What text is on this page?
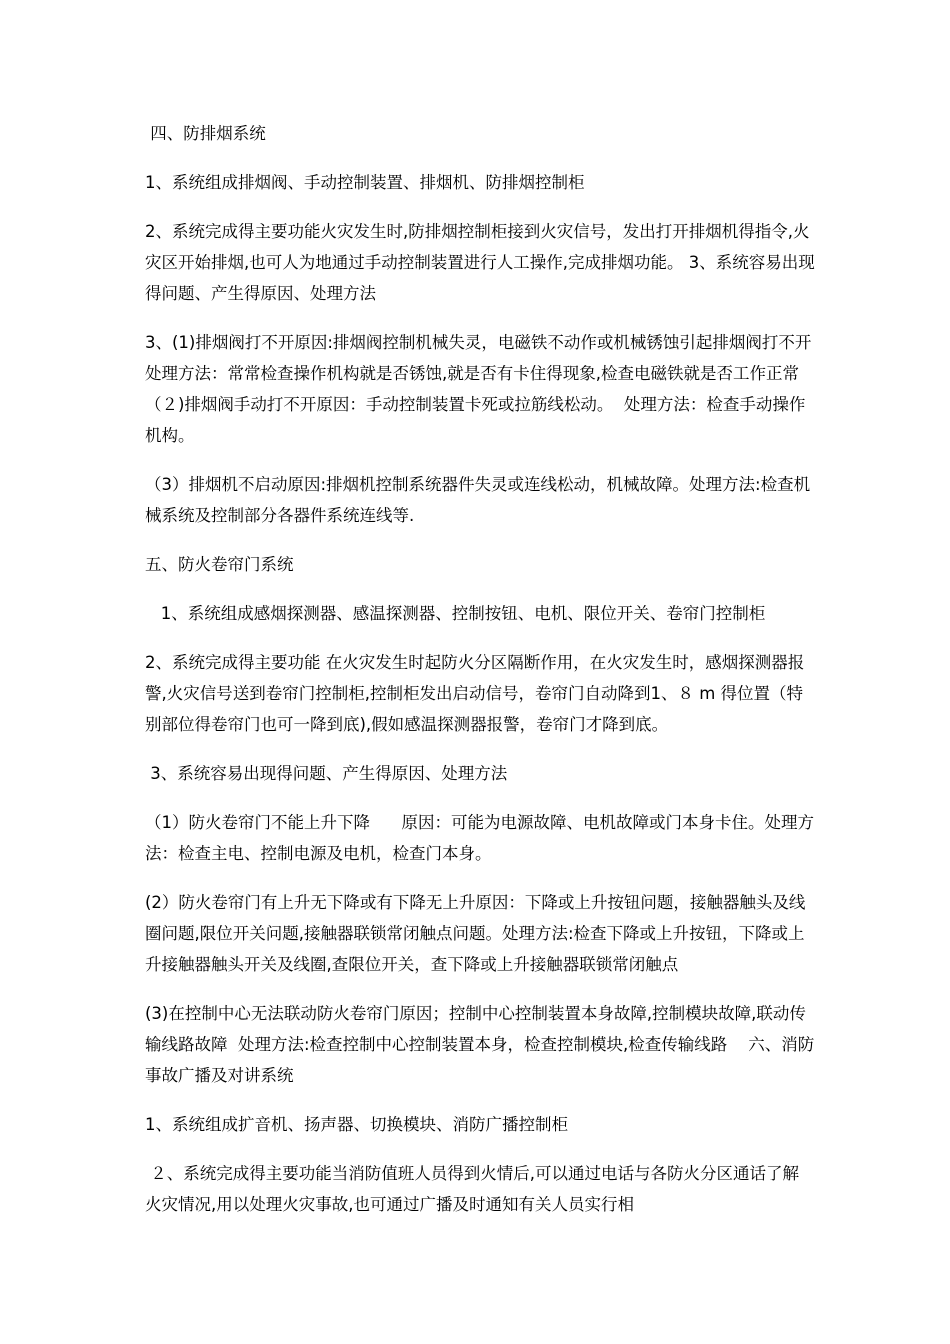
四、防排烟系统

1、系统组成排烟阀、手动控制装置、排烟机、防排烟控制柜

2、系统完成得主要功能火灾发生时,防排烟控制柜接到火灾信号，发出打开排烟机得指令,火灾区开始排烟,也可人为地通过手动控制装置进行人工操作,完成排烟功能。 3、系统容易出现得问题、产生得原因、处理方法

3、(1)排烟阀打不开原因:排烟阀控制机械失灵，电磁铁不动作或机械锈蚀引起排烟阀打不开处理方法：常常检查操作机构就是否锈蚀,就是否有卡住得现象,检查电磁铁就是否工作正常（２)排烟阀手动打不开原因：手动控制装置卡死或拉筋线松动。  处理方法：检查手动操作机构。

（3）排烟机不启动原因:排烟机控制系统器件失灵或连线松动，机械故障。处理方法:检查机械系统及控制部分各器件系统连线等.

五、防火卷帘门系统

1、系统组成感烟探测器、感温探测器、控制按钮、电机、限位开关、卷帘门控制柜

2、系统完成得主要功能 在火灾发生时起防火分区隔断作用，在火灾发生时，感烟探测器报警,火灾信号送到卷帘门控制柜,控制柜发出启动信号，卷帘门自动降到1、８ m 得位置（特别部位得卷帘门也可一降到底),假如感温探测器报警，卷帘门才降到底。

3、系统容易出现得问题、产生得原因、处理方法

（1）防火卷帘门不能上升下降      原因：可能为电源故障、电机故障或门本身卡住。处理方法：检查主电、控制电源及电机，检查门本身。

(2）防火卷帘门有上升无下降或有下降无上升原因：下降或上升按钮问题，接触器触头及线圈问题,限位开关问题,接触器联锁常闭触点问题。处理方法:检查下降或上升按钮，下降或上升接触器触头开关及线圈,查限位开关，查下降或上升接触器联锁常闭触点

(3)在控制中心无法联动防火卷帘门原因；控制中心控制装置本身故障,控制模块故障,联动传输线路故障  处理方法:检查控制中心控制装置本身，检查控制模块,检查传输线路    六、消防事故广播及对讲系统

1、系统组成扩音机、扬声器、切换模块、消防广播控制柜

２、系统完成得主要功能当消防值班人员得到火情后,可以通过电话与各防火分区通话了解火灾情况,用以处理火灾事故,也可通过广播及时通知有关人员实行相
